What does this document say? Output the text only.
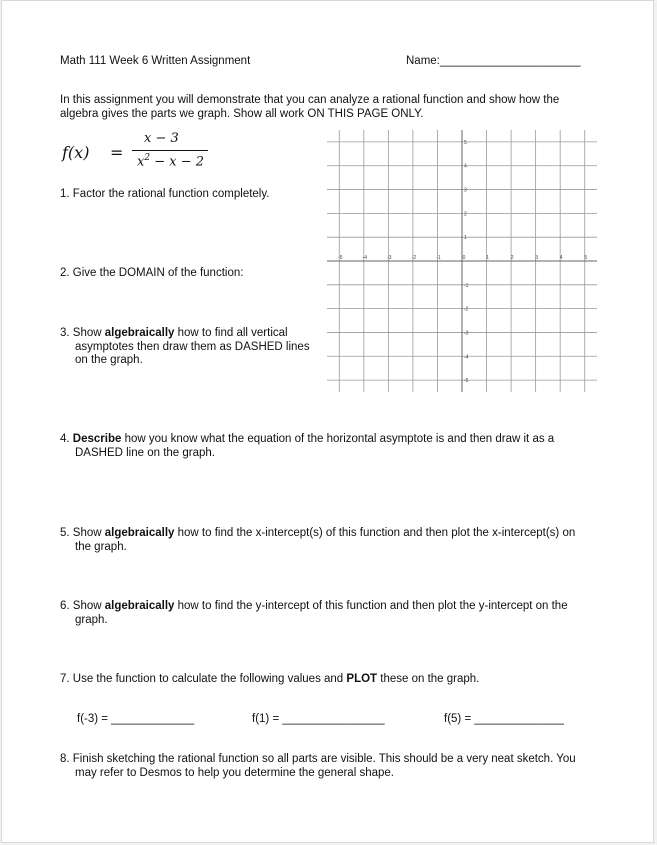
Math 111 Week 6 Written Assignment	Name:______________________
In this assignment you will demonstrate that you can analyze a rational function and show how the algebra gives the parts we graph. Show all work ON THIS PAGE ONLY.
f(x) =
x − 3
$x^2 - x - 2$
1. Factor the rational function completely.
2. Give the DOMAIN of the function:
3. Show algebraically how to find all vertical
asymptotes then draw them as DASHED lines
on the graph.
-5	-4	-3	-2	-1	0	1	2	3	4	5
5
4
3
2
1
-1
-2
-3
-4
-5
4. Describe how you know what the equation of the horizontal asymptote is and then draw it as a
DASHED line on the graph.
5. Show algebraically how to find the x-intercept(s) of this function and then plot the x-intercept(s) on
the graph.
6. Show algebraically how to find the y-intercept of this function and then plot the y-intercept on the
graph.
7. Use the function to calculate the following values and PLOT these on the graph.
f(-3) = _____________	f(1) = ________________	f(5) = ______________
8. Finish sketching the rational function so all parts are visible. This should be a very neat sketch. You
may refer to Desmos to help you determine the general shape.
